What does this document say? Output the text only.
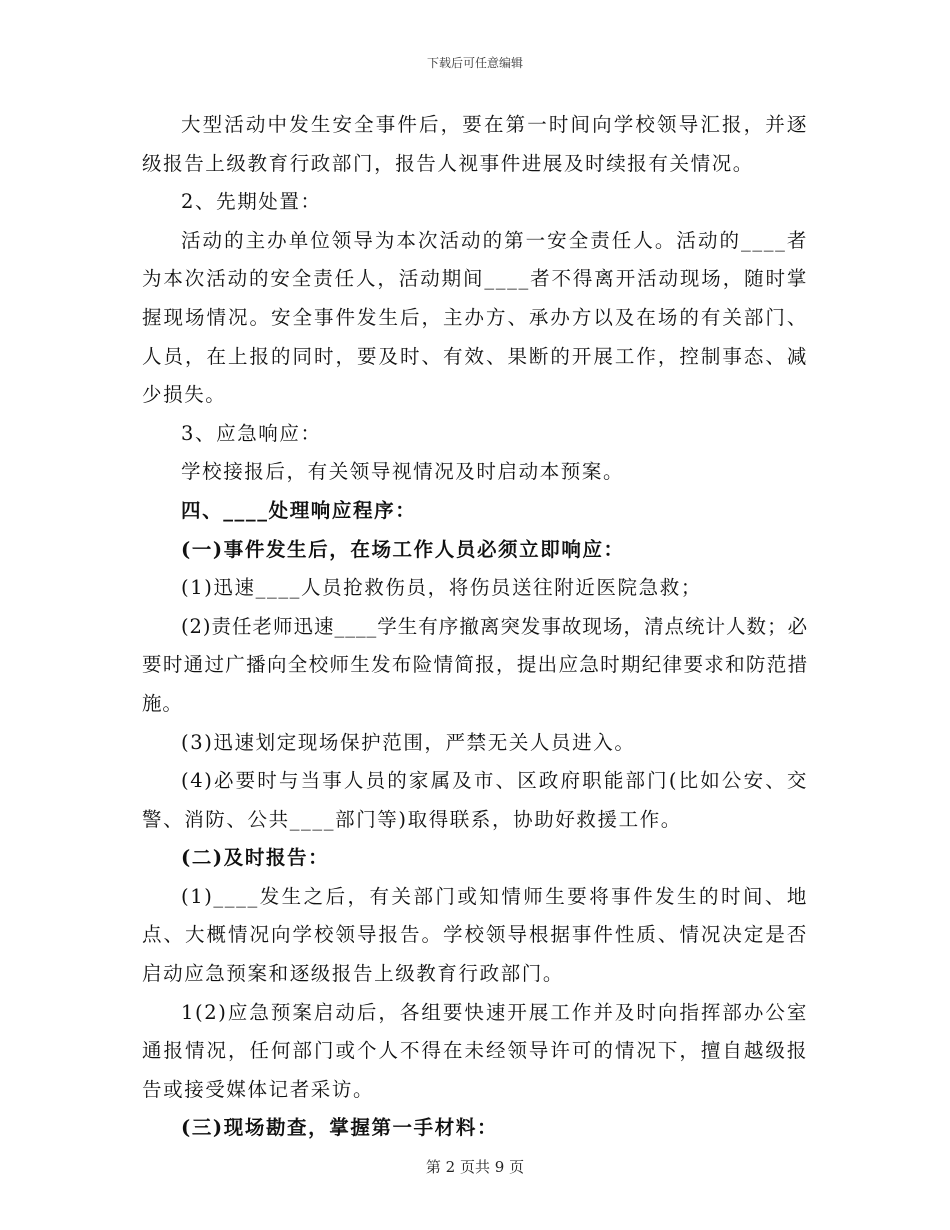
下载后可任意编辑

大型活动中发生安全事件后，要在第一时间向学校领导汇报，并逐级报告上级教育行政部门，报告人视事件进展及时续报有关情况。

2、先期处置：

活动的主办单位领导为本次活动的第一安全责任人。活动的____者为本次活动的安全责任人，活动期间____者不得离开活动现场，随时掌握现场情况。安全事件发生后，主办方、承办方以及在场的有关部门、人员，在上报的同时，要及时、有效、果断的开展工作，控制事态、减少损失。

3、应急响应：

学校接报后，有关领导视情况及时启动本预案。

四、____处理响应程序：

(一)事件发生后，在场工作人员必须立即响应：

(1)迅速____人员抢救伤员，将伤员送往附近医院急救；

(2)责任老师迅速____学生有序撤离突发事故现场，清点统计人数；必要时通过广播向全校师生发布险情简报，提出应急时期纪律要求和防范措施。

(3)迅速划定现场保护范围，严禁无关人员进入。

(4)必要时与当事人员的家属及市、区政府职能部门(比如公安、交警、消防、公共____部门等)取得联系，协助好救援工作。

(二)及时报告：

(1)____发生之后，有关部门或知情师生要将事件发生的时间、地点、大概情况向学校领导报告。学校领导根据事件性质、情况决定是否启动应急预案和逐级报告上级教育行政部门。

1(2)应急预案启动后，各组要快速开展工作并及时向指挥部办公室通报情况，任何部门或个人不得在未经领导许可的情况下，擅自越级报告或接受媒体记者采访。

(三)现场勘查，掌握第一手材料：

第 2 页共 9 页
